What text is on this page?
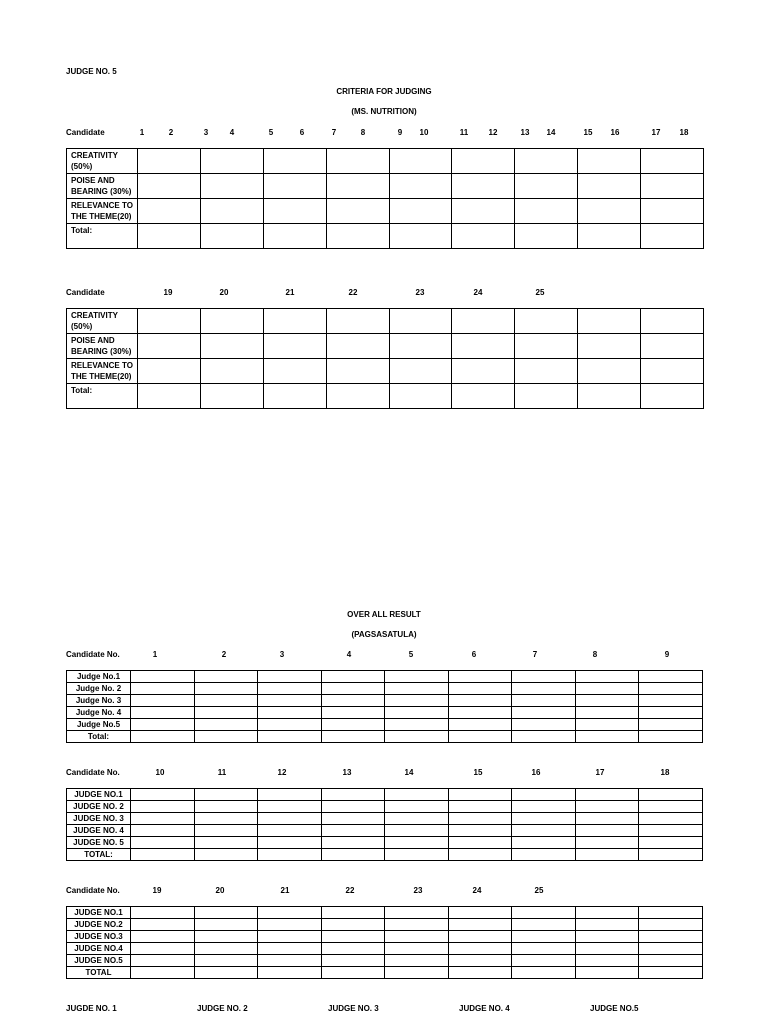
JUDGE NO. 5
CRITERIA FOR JUDGING
(MS. NUTRITION)
Candidate	1	2	3	4	5	6	7	8	9 10	11	12	13 14	15 16	17 18
CREATIVITY
(50%)									
POISE AND
BEARING (30%)									
RELEVANCE TO
THE THEME(20)									
Total:									
Candidate	19	20	21	22	23	24	25
CREATIVITY
(50%)									
POISE AND
BEARING (30%)									
RELEVANCE TO
THE THEME(20)									
Total:									
OVER ALL RESULT
(PAGSASATULA)
Candidate No.	1	2	3	4	5	6	7	8	9
Judge No.1									
Judge No. 2									
Judge No. 3									
Judge No. 4									
Judge No.5									
Total:									
Candidate No.	10	11	12	13	14	15	16	17	18
JUDGE NO.1									
JUDGE NO. 2									
JUDGE NO. 3									
JUDGE NO. 4									
JUDGE NO. 5									
TOTAL:									
Candidate No.	19	20	21	22	23	24	25
JUDGE NO.1									
JUDGE NO.2									
JUDGE NO.3									
JUDGE NO.4									
JUDGE NO.5									
TOTAL									
JUGDE NO. 1	JUDGE NO. 2	JUDGE NO. 3	JUDGE NO. 4	JUDGE NO.5
